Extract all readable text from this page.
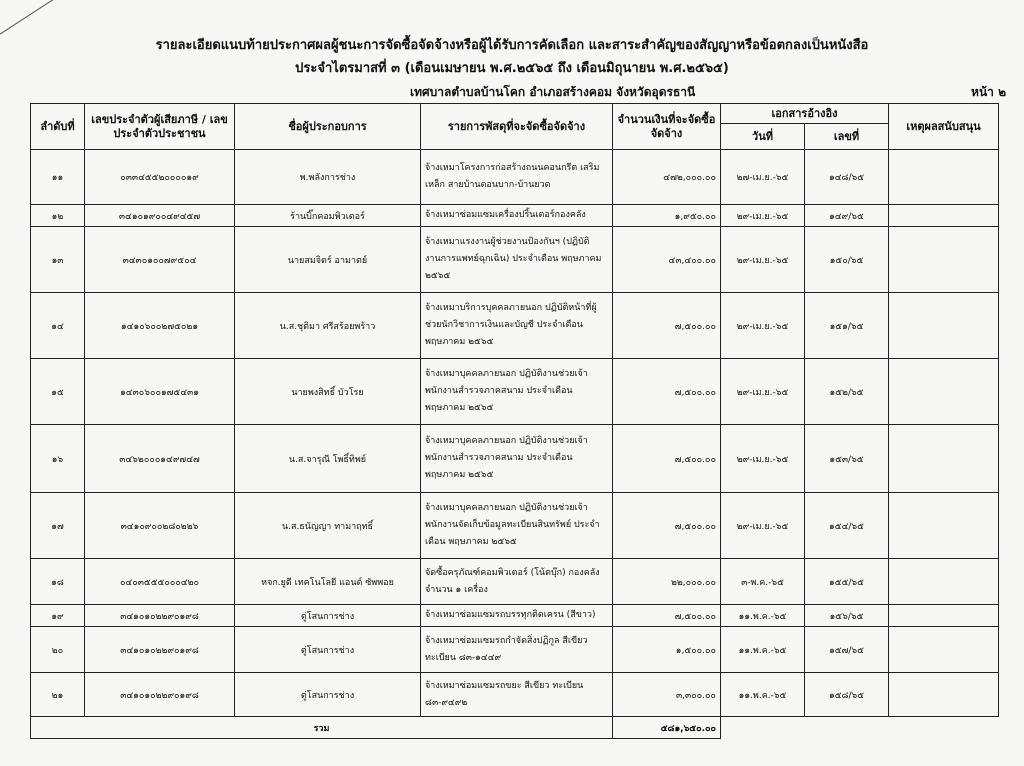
รายละเอียดแนบท้ายประกาศผลผู้ชนะการจัดซื้อจัดจ้างหรือผู้ได้รับการคัดเลือก และสาระสำคัญของสัญญาหรือข้อตกลงเป็นหนังสือ
ประจำไตรมาสที่ ๓ (เดือนเมษายน พ.ศ.๒๕๖๕ ถึง เดือนมิถุนายน พ.ศ.๒๕๖๕)
เทศบาลตำบลบ้านโคก อำเภอสร้างคอม จังหวัดอุดรธานี	หน้า ๒
ลำดับที่	เลขประจำตัวผู้เสียภาษี / เลขประจำตัวประชาชน	ชื่อผู้ประกอบการ	รายการพัสดุที่จะจัดซื้อจัดจ้าง	จำนวนเงินที่จะจัดซื้อจัดจ้าง	เอกสารอ้างอิง		เหตุผลสนับสนุน
					วันที่	เลขที่	
๑๑	๐๓๓๔๕๕๒๐๐๐๐๑๙	พ.พลังการช่าง	จ้างเหมาโครงการก่อสร้างถนนคอนกรีต เสริมเหล็ก สายบ้านดอนบาก-บ้านยวด	๔๗๒,๐๐๐.๐๐	๒๗-เม.ย.-๖๕	๑๔๘/๖๕	
๑๒	๓๔๑๐๑๙๐๐๔๙๔๕๗	ร้านบิ๊กคอมพิวเตอร์	จ้างเหมาซ่อมแซมเครื่องปริ้นเตอร์กองคลัง	๑,๙๕๐.๐๐	๒๙-เม.ย.-๖๕	๑๔๙/๖๕	
๑๓	๓๔๓๐๑๐๐๗๙๕๐๔	นายสมจิตร์ อามาตย์	จ้างเหมาแรงงานผู้ช่วยงานป้องกันฯ (ปฏิบัติงานการแพทย์ฉุกเฉิน) ประจำเดือน พฤษภาคม ๒๕๖๕	๔๓,๔๐๐.๐๐	๒๙-เม.ย.-๖๕	๑๕๐/๖๕	
๑๔	๑๔๑๐๖๐๐๒๗๕๐๒๑	น.ส.ชุติมา ศรีสร้อยพร้าว	จ้างเหมาบริการบุคคลภายนอก ปฏิบัติหน้าที่ผู้ช่วยนักวิชาการเงินและบัญชี ประจำเดือน พฤษภาคม ๒๕๖๕	๗,๕๐๐.๐๐	๒๙-เม.ย.-๖๕	๑๕๑/๖๕	
๑๕	๑๔๓๐๖๐๐๑๗๕๔๓๑	นายพงสิทธิ์ บัวโรย	จ้างเหมาบุคคลภายนอก ปฏิบัติงานช่วยเจ้าพนักงานสำรวจภาคสนาม ประจำเดือน พฤษภาคม ๒๕๖๕	๗,๕๐๐.๐๐	๒๙-เม.ย.-๖๕	๑๕๒/๖๕	
๑๖	๓๔๖๒๐๐๐๑๔๙๗๔๗	น.ส.จารุณี โพธิ์ทิพย์	จ้างเหมาบุคคลภายนอก ปฏิบัติงานช่วยเจ้าพนักงานสำรวจภาคสนาม ประจำเดือน พฤษภาคม ๒๕๖๕	๗,๕๐๐.๐๐	๒๙-เม.ย.-๖๕	๑๕๓/๖๕	
๑๗	๓๔๑๐๙๐๐๒๘๐๒๒๖	น.ส.ธนัญญา ทามาฤทธิ์	จ้างเหมาบุคคลภายนอก ปฏิบัติงานช่วยเจ้าพนักงานจัดเก็บข้อมูลทะเบียนสินทรัพย์ ประจำเดือน พฤษภาคม ๒๕๖๕	๗,๕๐๐.๐๐	๒๙-เม.ย.-๖๕	๑๕๔/๖๕	
๑๘	๐๔๐๓๕๕๕๐๐๐๔๒๐	หจก.ยูดี เทคโนโลยี แอนด์ ซัพพอย	จัดซื้อครุภัณฑ์คอมพิวเตอร์ (โน้ตบุ๊ก) กองคลัง จำนวน ๑ เครื่อง	๒๒,๐๐๐.๐๐	๓-พ.ค.-๖๕	๑๕๕/๖๕	
๑๙	๓๔๑๐๑๐๒๒๙๐๑๙๘	ตู่โสนการช่าง	จ้างเหมาซ่อมแซมรถบรรทุกติดเครน (สีขาว)	๗,๕๐๐.๐๐	๑๑.พ.ค.-๖๕	๑๕๖/๖๕	
๒๐	๓๔๑๐๑๐๒๒๙๐๑๙๘	ตู่โสนการช่าง	จ้างเหมาซ่อมแซมรถกำจัดสิ่งปฏิกูล สีเขียว ทะเบียน ๘๓-๑๔๔๙	๑,๕๐๐.๐๐	๑๑.พ.ค.-๖๕	๑๕๗/๖๕	
๒๑	๓๔๑๐๑๐๒๒๙๐๑๙๘	ตู่โสนการช่าง	จ้างเหมาซ่อมแซมรถขยะ สีเขียว ทะเบียน ๘๓-๙๔๙๒	๓,๓๐๐.๐๐	๑๑.พ.ค.-๖๕	๑๕๘/๖๕	
รวม				๕๘๑,๖๕๐.๐๐			
